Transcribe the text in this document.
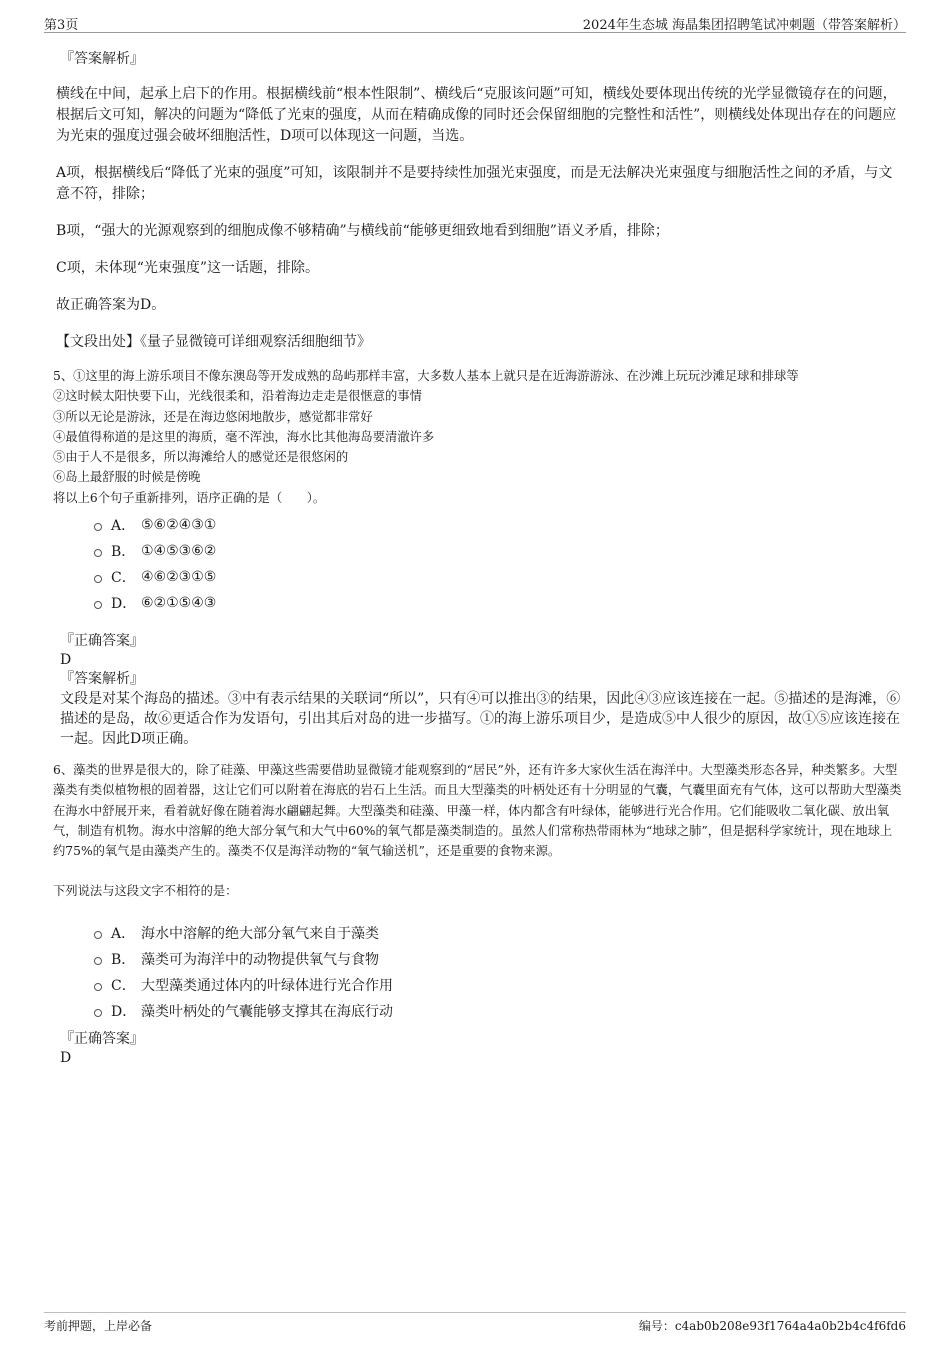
第3页	2024年生态城 海晶集团招聘笔试冲刺题（带答案解析）
『答案解析』

横线在中间，起承上启下的作用。根据横线前“根本性限制”、横线后“克服该问题”可知，横线处要体现出传统的光学显微镜存在的问题，根据后文可知，解决的问题为“降低了光束的强度，从而在精确成像的同时还会保留细胞的完整性和活性”，则横线处体现出存在的问题应为光束的强度过强会破坏细胞活性，D项可以体现这一问题，当选。

A项，根据横线后“降低了光束的强度”可知，该限制并不是要持续性加强光束强度，而是无法解决光束强度与细胞活性之间的矛盾，与文意不符，排除；

B项，“强大的光源观察到的细胞成像不够精确”与横线前“能够更细致地看到细胞”语义矛盾，排除；

C项，未体现“光束强度”这一话题，排除。

故正确答案为D。

【文段出处】《量子显微镜可详细观察活细胞细节》

5、①这里的海上游乐项目不像东澳岛等开发成熟的岛屿那样丰富，大多数人基本上就只是在近海游游泳、在沙滩上玩玩沙滩足球和排球等
②这时候太阳快要下山，光线很柔和，沿着海边走走是很惬意的事情
③所以无论是游泳，还是在海边悠闲地散步，感觉都非常好
④最值得称道的是这里的海质，毫不浑浊，海水比其他海岛要清澈许多
⑤由于人不是很多，所以海滩给人的感觉还是很悠闲的
⑥岛上最舒服的时候是傍晚
将以上6个句子重新排列，语序正确的是（　　）。
A． ⑤⑥②④③①
B． ①④⑤③⑥②
C． ④⑥②③①⑤
D． ⑥②①⑤④③
『正确答案』
D
『答案解析』

文段是对某个海岛的描述。③中有表示结果的关联词“所以”，只有④可以推出③的结果，因此④③应该连接在一起。⑤描述的是海滩，⑥描述的是岛，故⑥更适合作为发语句，引出其后对岛的进一步描写。①的海上游乐项目少，是造成⑤中人很少的原因，故①⑤应该连接在一起。因此D项正确。

6、藻类的世界是很大的，除了硅藻、甲藻这些需要借助显微镜才能观察到的“居民”外，还有许多大家伙生活在海洋中。大型藻类形态各异，种类繁多。大型藻类有类似植物根的固着器，这让它们可以附着在海底的岩石上生活。而且大型藻类的叶柄处还有十分明显的气囊，气囊里面充有气体，这可以帮助大型藻类在海水中舒展开来，看着就好像在随着海水翩翩起舞。大型藻类和硅藻、甲藻一样，体内都含有叶绿体，能够进行光合作用。它们能吸收二氧化碳、放出氧气，制造有机物。海水中溶解的绝大部分氧气和大气中60%的氧气都是藻类制造的。虽然人们常称热带雨林为“地球之肺”，但是据科学家统计，现在地球上约75%的氧气是由藻类产生的。藻类不仅是海洋动物的“氧气输送机”，还是重要的食物来源。

下列说法与这段文字不相符的是：
A． 海水中溶解的绝大部分氧气来自于藻类
B． 藻类可为海洋中的动物提供氧气与食物
C． 大型藻类通过体内的叶绿体进行光合作用
D． 藻类叶柄处的气囊能够支撑其在海底行动
『正确答案』
D
考前押题，上岸必备	编号：c4ab0b208e93f1764a4a0b2b4c4f6fd6
